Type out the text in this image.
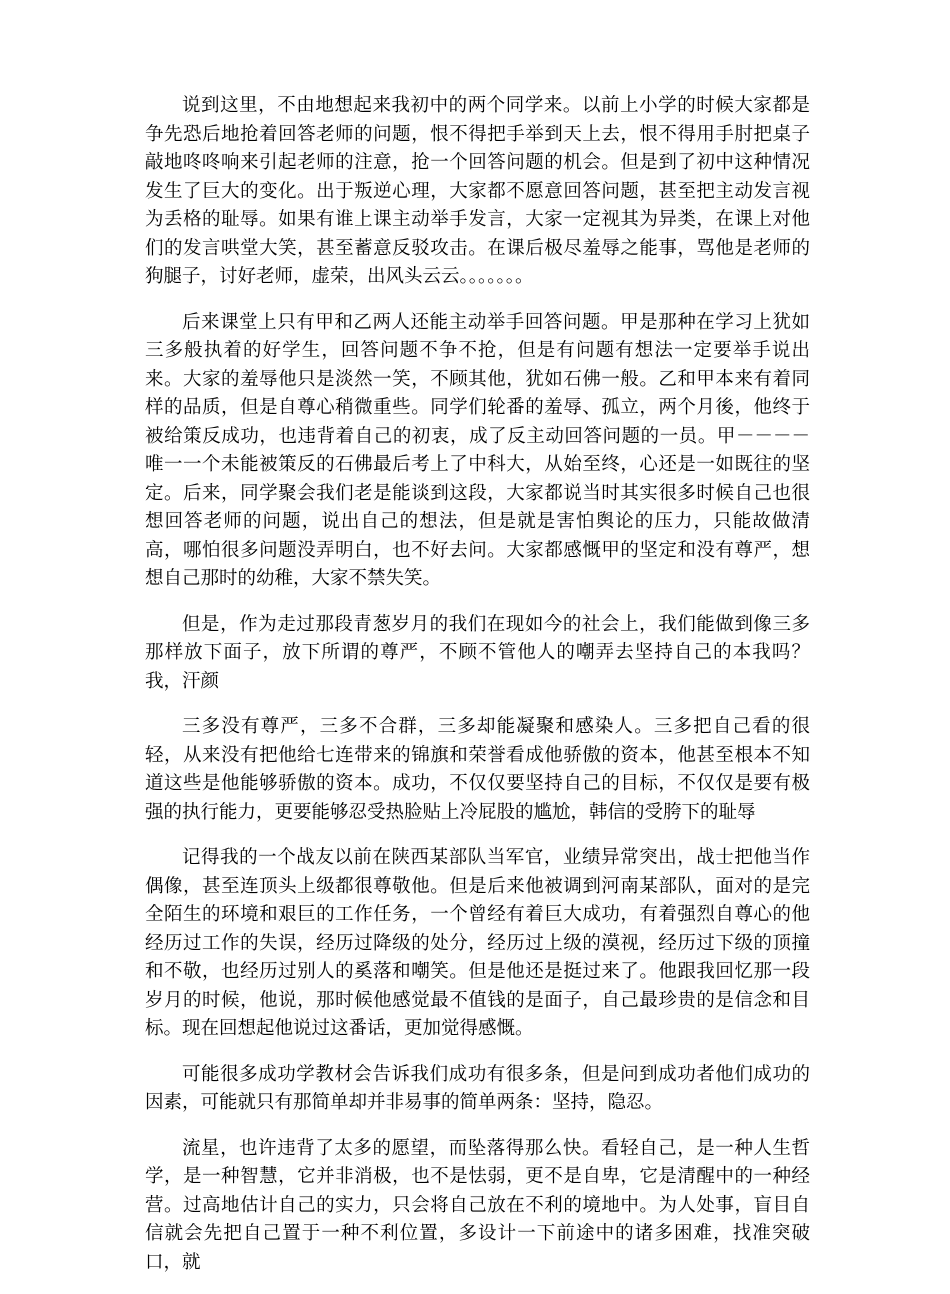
说到这里，不由地想起来我初中的两个同学来。以前上小学的时候大家都是争先恐后地抢着回答老师的问题，恨不得把手举到天上去，恨不得用手肘把桌子敲地咚咚响来引起老师的注意，抢一个回答问题的机会。但是到了初中这种情况发生了巨大的变化。出于叛逆心理，大家都不愿意回答问题，甚至把主动发言视为丢格的耻辱。如果有谁上课主动举手发言，大家一定视其为异类，在课上对他们的发言哄堂大笑，甚至蓄意反驳攻击。在课后极尽羞辱之能事，骂他是老师的狗腿子，讨好老师，虚荣，出风头云云。。。。。。。

后来课堂上只有甲和乙两人还能主动举手回答问题。甲是那种在学习上犹如三多般执着的好学生，回答问题不争不抢，但是有问题有想法一定要举手说出来。大家的羞辱他只是淡然一笑，不顾其他，犹如石佛一般。乙和甲本来有着同样的品质，但是自尊心稍微重些。同学们轮番的羞辱、孤立，两个月後，他终于被给策反成功，也违背着自己的初衷，成了反主动回答问题的一员。甲－－－－唯一一个未能被策反的石佛最后考上了中科大，从始至终，心还是一如既往的坚定。后来，同学聚会我们老是能谈到这段，大家都说当时其实很多时候自己也很想回答老师的问题，说出自己的想法，但是就是害怕舆论的压力，只能故做清高，哪怕很多问题没弄明白，也不好去问。大家都感慨甲的坚定和没有尊严，想想自己那时的幼稚，大家不禁失笑。

但是，作为走过那段青葱岁月的我们在现如今的社会上，我们能做到像三多那样放下面子，放下所谓的尊严，不顾不管他人的嘲弄去坚持自己的本我吗？我，汗颜

三多没有尊严，三多不合群，三多却能凝聚和感染人。三多把自己看的很轻，从来没有把他给七连带来的锦旗和荣誉看成他骄傲的资本，他甚至根本不知道这些是他能够骄傲的资本。成功，不仅仅要坚持自己的目标，不仅仅是要有极强的执行能力，更要能够忍受热脸贴上冷屁股的尴尬，韩信的受胯下的耻辱

记得我的一个战友以前在陕西某部队当军官，业绩异常突出，战士把他当作偶像，甚至连顶头上级都很尊敬他。但是后来他被调到河南某部队，面对的是完全陌生的环境和艰巨的工作任务，一个曾经有着巨大成功，有着强烈自尊心的他经历过工作的失误，经历过降级的处分，经历过上级的漠视，经历过下级的顶撞和不敬，也经历过别人的奚落和嘲笑。但是他还是挺过来了。他跟我回忆那一段岁月的时候，他说，那时候他感觉最不值钱的是面子，自己最珍贵的是信念和目标。现在回想起他说过这番话，更加觉得感慨。

可能很多成功学教材会告诉我们成功有很多条，但是问到成功者他们成功的因素，可能就只有那简单却并非易事的简单两条：坚持，隐忍。

流星，也许违背了太多的愿望，而坠落得那么快。看轻自己，是一种人生哲学，是一种智慧，它并非消极，也不是怯弱，更不是自卑，它是清醒中的一种经营。过高地估计自己的实力，只会将自己放在不利的境地中。为人处事，盲目自信就会先把自己置于一种不利位置，多设计一下前途中的诸多困难，找准突破口，就
